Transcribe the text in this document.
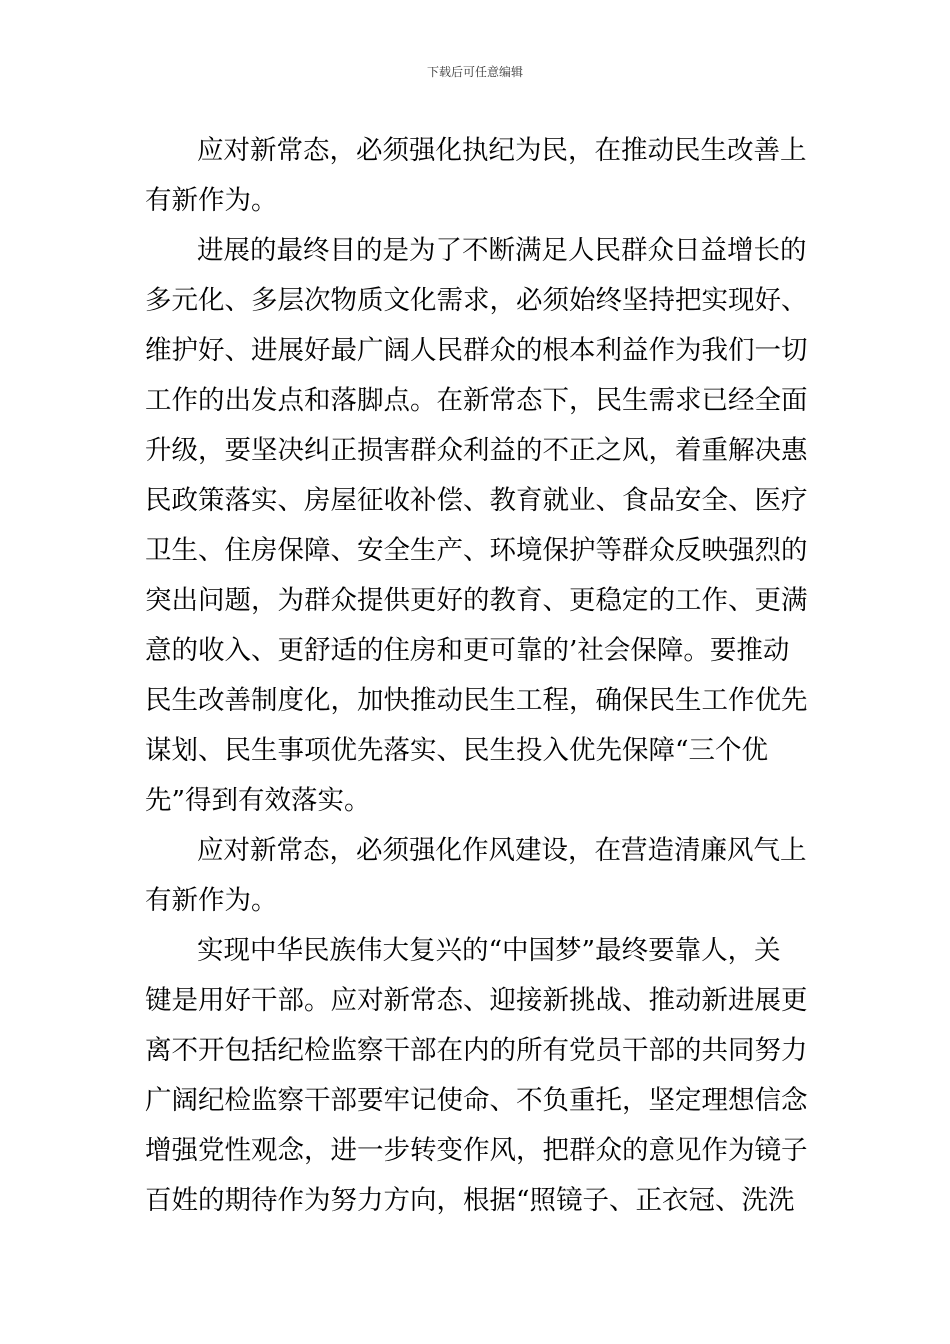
下载后可任意编辑
应对新常态，必须强化执纪为民，在推动民生改善上
有新作为。
进展的最终目的是为了不断满足人民群众日益增长的
多元化、多层次物质文化需求，必须始终坚持把实现好、
维护好、进展好最广阔人民群众的根本利益作为我们一切
工作的出发点和落脚点。在新常态下，民生需求已经全面
升级，要坚决纠正损害群众利益的不正之风，着重解决惠
民政策落实、房屋征收补偿、教育就业、食品安全、医疗
卫生、住房保障、安全生产、环境保护等群众反映强烈的
突出问题，为群众提供更好的教育、更稳定的工作、更满
意的收入、更舒适的住房和更可靠的’社会保障。要推动
民生改善制度化，加快推动民生工程，确保民生工作优先
谋划、民生事项优先落实、民生投入优先保障“三个优
先”得到有效落实。
应对新常态，必须强化作风建设，在营造清廉风气上
有新作为。
实现中华民族伟大复兴的“中国梦”最终要靠人，关
键是用好干部。应对新常态、迎接新挑战、推动新进展更
离不开包括纪检监察干部在内的所有党员干部的共同努力
广阔纪检监察干部要牢记使命、不负重托，坚定理想信念
增强党性观念，进一步转变作风，把群众的意见作为镜子
百姓的期待作为努力方向，根据“照镜子、正衣冠、洗洗
